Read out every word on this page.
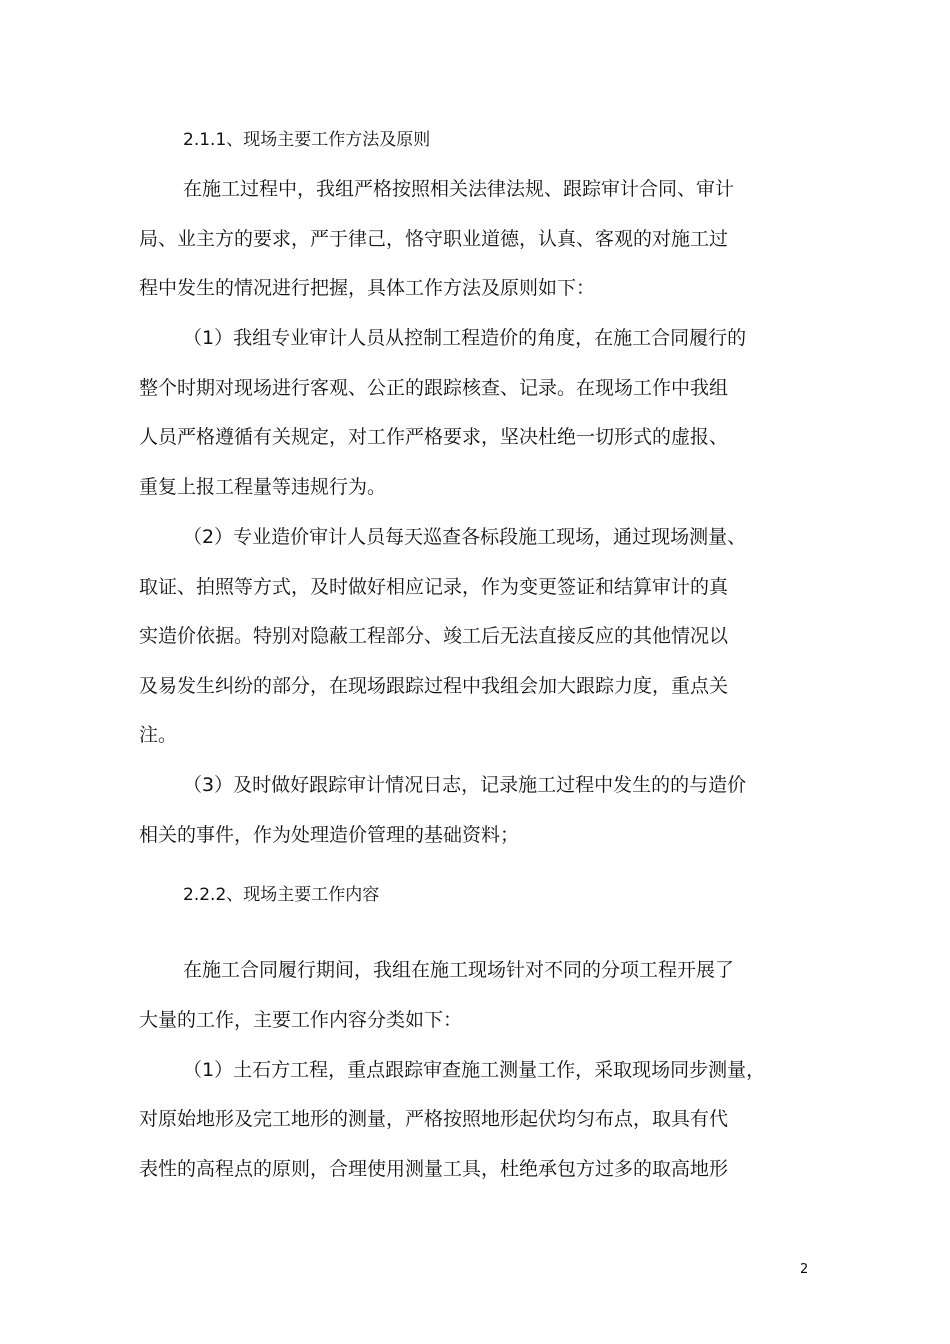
2.1.1、现场主要工作方法及原则
在施工过程中，我组严格按照相关法律法规、跟踪审计合同、审计
局、业主方的要求，严于律己，恪守职业道德，认真、客观的对施工过
程中发生的情况进行把握，具体工作方法及原则如下：
（1）我组专业审计人员从控制工程造价的角度，在施工合同履行的
整个时期对现场进行客观、公正的跟踪核查、记录。在现场工作中我组
人员严格遵循有关规定，对工作严格要求，坚决杜绝一切形式的虚报、
重复上报工程量等违规行为。
（2）专业造价审计人员每天巡查各标段施工现场，通过现场测量、
取证、拍照等方式，及时做好相应记录，作为变更签证和结算审计的真
实造价依据。特别对隐蔽工程部分、竣工后无法直接反应的其他情况以
及易发生纠纷的部分，在现场跟踪过程中我组会加大跟踪力度，重点关
注。
（3）及时做好跟踪审计情况日志，记录施工过程中发生的的与造价
相关的事件，作为处理造价管理的基础资料；
2.2.2、现场主要工作内容
在施工合同履行期间，我组在施工现场针对不同的分项工程开展了
大量的工作，主要工作内容分类如下：
（1）土石方工程，重点跟踪审查施工测量工作，采取现场同步测量，
对原始地形及完工地形的测量，严格按照地形起伏均匀布点，取具有代
表性的高程点的原则，合理使用测量工具，杜绝承包方过多的取高地形
2
